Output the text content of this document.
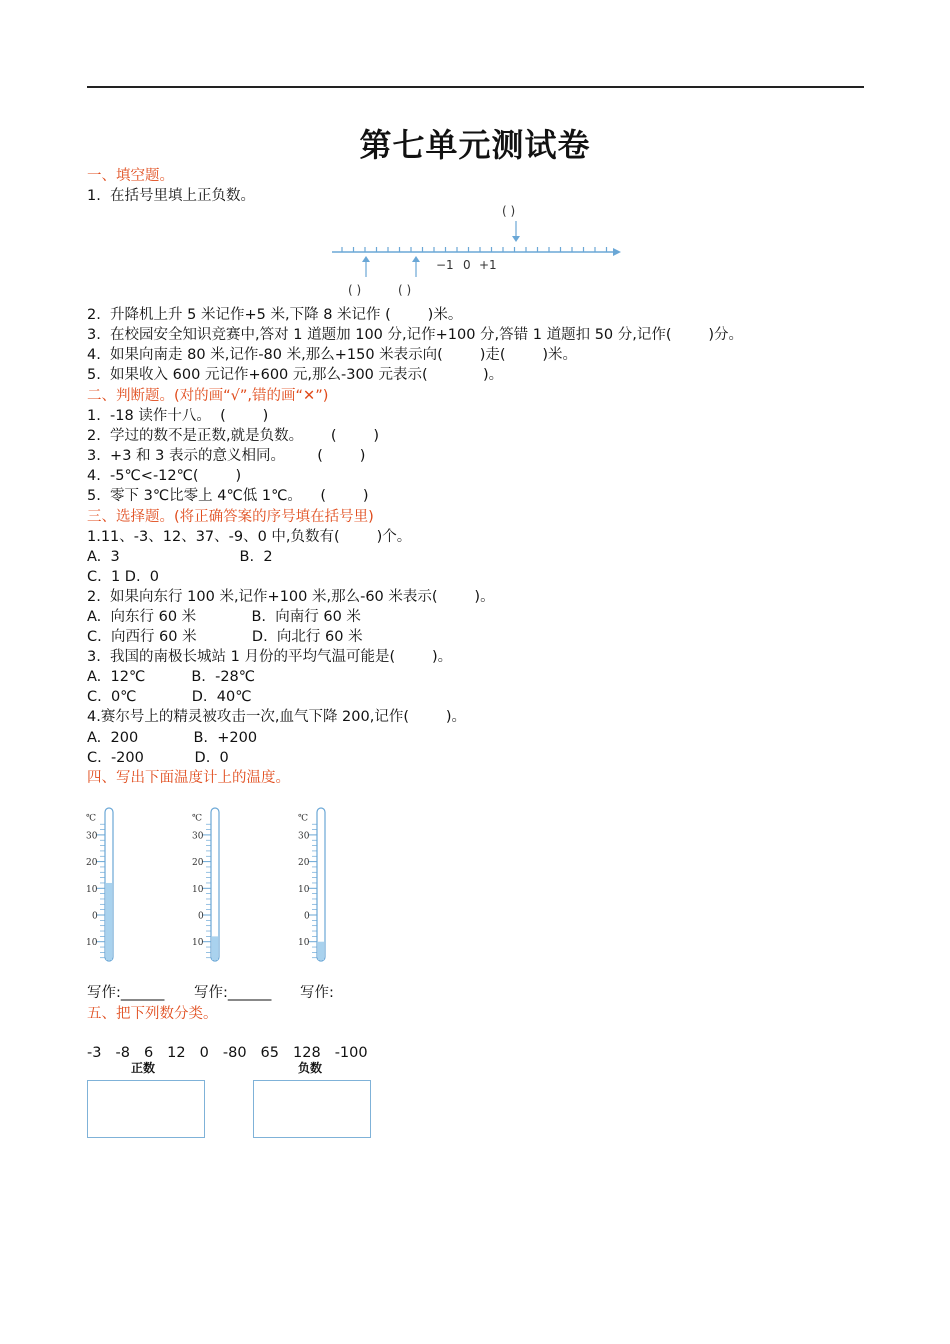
第七单元测试卷
一、填空题。
1.  在括号里填上正负数。
( )
−1 0 +1
( )	( )
2.  升降机上升 5 米记作+5 米,下降 8 米记作 (        )米。
3.  在校园安全知识竞赛中,答对 1 道题加 100 分,记作+100 分,答错 1 道题扣 50 分,记作(        )分。
4.  如果向南走 80 米,记作-80 米,那么+150 米表示向(        )走(        )米。
5.  如果收入 600 元记作+600 元,那么-300 元表示(            )。
二、判断题。(对的画“√”,错的画“✕”)
1.  -18 读作十八。  (        )
2.  学过的数不是正数,就是负数。      (        )
3.  +3 和 3 表示的意义相同。       (        )
4.  -5℃<-12℃(        )
5.  零下 3℃比零上 4℃低 1℃。    (        )
三、选择题。(将正确答案的序号填在括号里)
1.11、-3、12、37、-9、0 中,负数有(        )个。
A.  3                          B.  2
C.  1 D.  0
2.  如果向东行 100 米,记作+100 米,那么-60 米表示(        )。
A.  向东行 60 米            B.  向南行 60 米
C.  向西行 60 米            D.  向北行 60 米
3.  我国的南极长城站 1 月份的平均气温可能是(        )。
A.  12℃          B.  -28℃
C.  0℃            D.  40℃
4.赛尔号上的精灵被攻击一次,血气下降 200,记作(        )。
A.  200            B.  +200
C.  -200           D.  0
四、写出下面温度计上的温度。
℃
30
20
10
0
10
℃
30
20
10
0
10
℃
30
20
10
0
10
写作:______ 写作:______ 写作:
五、把下列数分类。
-3 -8 6 12 0 -80 65 128 -100
正数	负数
